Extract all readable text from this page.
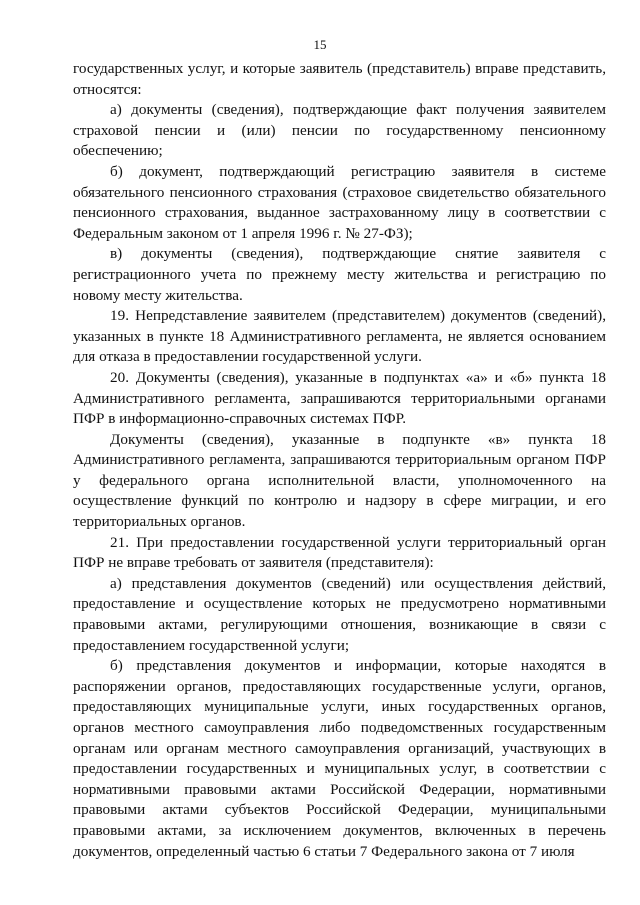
15

государственных услуг, и которые заявитель (представитель) вправе представить, относятся:

а) документы (сведения), подтверждающие факт получения заявителем страховой пенсии и (или) пенсии по государственному пенсионному обеспечению;

б) документ, подтверждающий регистрацию заявителя в системе обязательного пенсионного страхования (страховое свидетельство обязательного пенсионного страхования, выданное застрахованному лицу в соответствии с Федеральным законом от 1 апреля 1996 г. № 27-ФЗ);

в) документы (сведения), подтверждающие снятие заявителя с регистрационного учета по прежнему месту жительства и регистрацию по новому месту жительства.

19. Непредставление заявителем (представителем) документов (сведений), указанных в пункте 18 Административного регламента, не является основанием для отказа в предоставлении государственной услуги.

20. Документы (сведения), указанные в подпунктах «а» и «б» пункта 18 Административного регламента, запрашиваются территориальными органами ПФР в информационно-справочных системах ПФР.

Документы (сведения), указанные в подпункте «в» пункта 18 Административного регламента, запрашиваются территориальным органом ПФР у федерального органа исполнительной власти, уполномоченного на осуществление функций по контролю и надзору в сфере миграции, и его территориальных органов.

21. При предоставлении государственной услуги территориальный орган ПФР не вправе требовать от заявителя (представителя):

а) представления документов (сведений) или осуществления действий, предоставление и осуществление которых не предусмотрено нормативными правовыми актами, регулирующими отношения, возникающие в связи с предоставлением государственной услуги;

б) представления документов и информации, которые находятся в распоряжении органов, предоставляющих государственные услуги, органов, предоставляющих муниципальные услуги, иных государственных органов, органов местного самоуправления либо подведомственных государственным органам или органам местного самоуправления организаций, участвующих в предоставлении государственных и муниципальных услуг, в соответствии с нормативными правовыми актами Российской Федерации, нормативными правовыми актами субъектов Российской Федерации, муниципальными правовыми актами, за исключением документов, включенных в перечень документов, определенный частью 6 статьи 7 Федерального закона от 7 июля
